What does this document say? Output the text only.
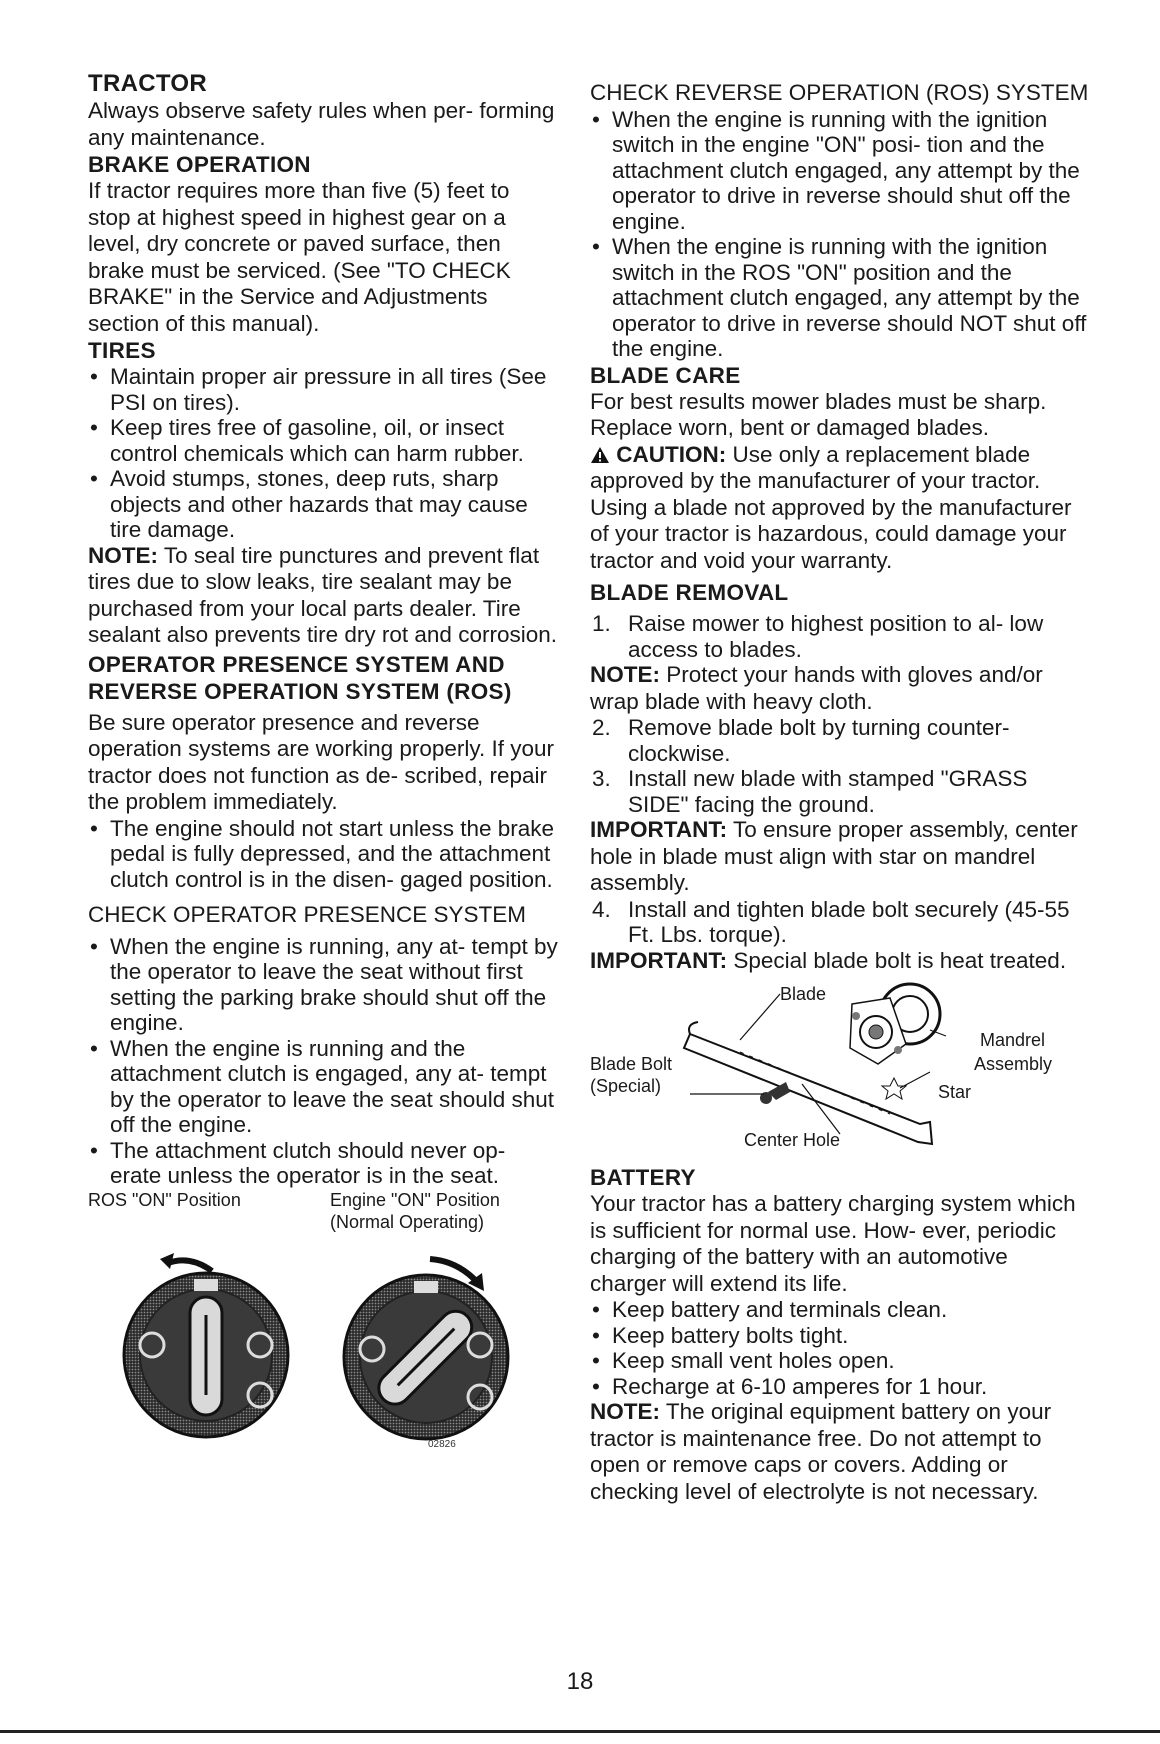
TRACTOR

Always observe safety rules when per- forming any maintenance.

BRAKE OPERATION

If tractor requires more than five (5) feet to stop at highest speed in highest gear on a level, dry concrete or paved surface, then brake must be serviced. (See "TO CHECK BRAKE" in the Service and Adjustments section of this manual).

TIRES
• Maintain proper air pressure in all tires (See PSI on tires).
• Keep tires free of gasoline, oil, or insect control chemicals which can harm rubber.
• Avoid stumps, stones, deep ruts, sharp objects and other hazards that may cause tire damage.

NOTE: To seal tire punctures and prevent flat tires due to slow leaks, tire sealant may be purchased from your local parts dealer. Tire sealant also prevents tire dry rot and corrosion.

OPERATOR PRESENCE SYSTEM AND REVERSE OPERATION SYSTEM (ROS)

Be sure operator presence and reverse operation systems are working properly. If your tractor does not function as de- scribed, repair the problem immediately.

• The engine should not start unless the brake pedal is fully depressed, and the attachment clutch control is in the disen- gaged position.

CHECK OPERATOR PRESENCE SYSTEM

• When the engine is running, any at- tempt by the operator to leave the seat without first setting the parking brake should shut off the engine.
• When the engine is running and the attachment clutch is engaged, any at- tempt by the operator to leave the seat should shut off the engine.
• The attachment clutch should never op- erate unless the operator is in the seat.
ROS "ON" Position	Engine "ON" Position
(Normal Operating)
02826

CHECK REVERSE OPERATION (ROS) SYSTEM

• When the engine is running with the ignition switch in the engine "ON" posi- tion and the attachment clutch engaged, any attempt by the operator to drive in reverse should shut off the engine.
• When the engine is running with the ignition switch in the ROS "ON" position and the attachment clutch engaged, any attempt by the operator to drive in reverse should NOT shut off the engine.
BLADE CARE

For best results mower blades must be sharp. Replace worn, bent or damaged blades.

CAUTION: Use only a replacement blade approved by the manufacturer of your tractor. Using a blade not approved by the manufacturer of your tractor is hazardous, could damage your tractor and void your warranty.

BLADE REMOVAL
1. Raise mower to highest position to al- low access to blades.

NOTE: Protect your hands with gloves and/or wrap blade with heavy cloth.

2. Remove blade bolt by turning counter- clockwise.
3. Install new blade with stamped "GRASS SIDE" facing the ground.

IMPORTANT: To ensure proper assembly, center hole in blade must align with star on mandrel assembly.

4. Install and tighten blade bolt securely (45-55 Ft. Lbs. torque).

IMPORTANT: Special blade bolt is heat treated.

Blade
Blade Bolt
(Special)
Mandrel
Assembly
Star
Center Hole
BATTERY

Your tractor has a battery charging system which is sufficient for normal use. How- ever, periodic charging of the battery with an automotive charger will extend its life.

• Keep battery and terminals clean.
• Keep battery bolts tight.
• Keep small vent holes open.
• Recharge at 6-10 amperes for 1 hour.

NOTE: The original equipment battery on your tractor is maintenance free. Do not attempt to open or remove caps or covers. Adding or checking level of electrolyte is not necessary.

18
